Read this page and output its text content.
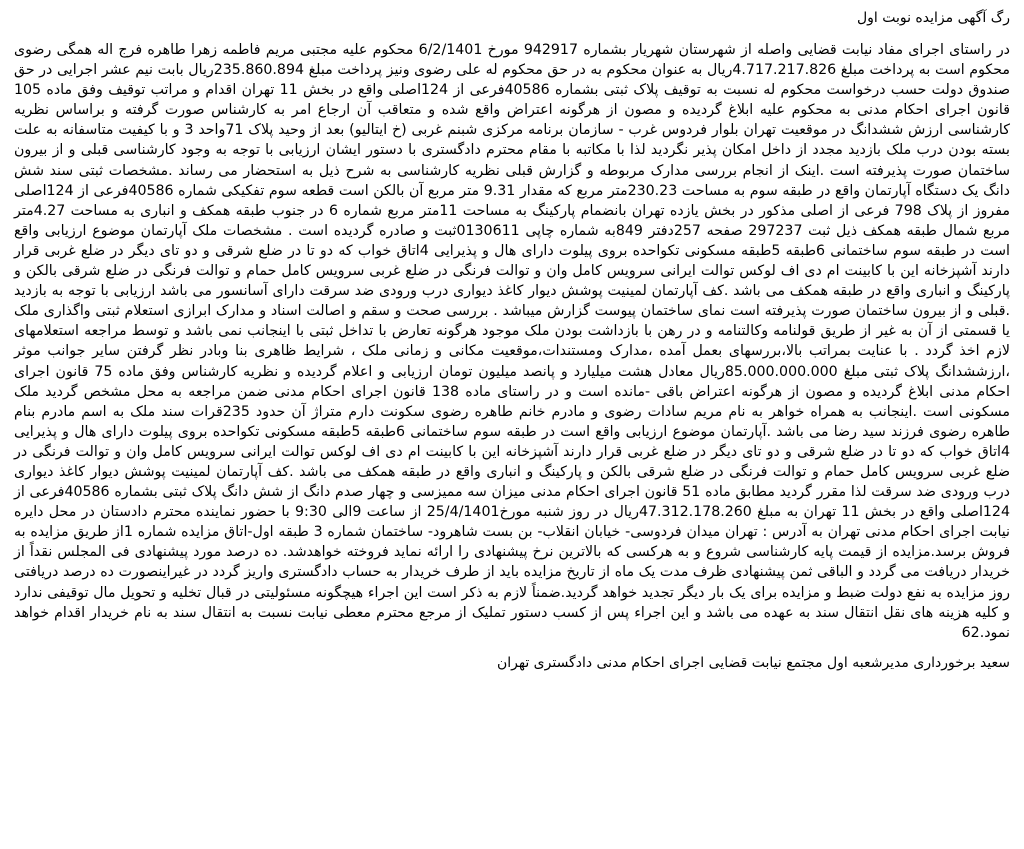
رگ آگهی مزایده نوبت اول

در راستای اجرای مفاد نیابت قضایی واصله از شهرستان شهریار بشماره 942917 مورخ 6/2/1401 محکوم علیه مجتبی مریم فاطمه زهرا طاهره فرج اله همگی رضوی محکوم است به پرداخت مبلغ 4.717.217.826ریال به عنوان محکوم به در حق محکوم له علی رضوی ونیز پرداخت مبلغ 235.860.894ریال بابت نیم عشر اجرایی در حق صندوق دولت حسب درخواست محکوم له نسبت به توقیف پلاک ثبتی بشماره 40586فرعی از 124اصلی واقع در بخش 11 تهران اقدام و مراتب توقیف وفق ماده 105 قانون اجرای احکام مدنی به محکوم علیه ابلاغ گردیده و مصون از هرگونه اعتراض واقع شده و متعاقب آن ارجاع امر به کارشناس صورت گرفته و براساس نظریه کارشناسی ارزش ششدانگ در موقعیت تهران بلوار فردوس غرب - سازمان برنامه مرکزی شبنم غربی (خ ایتالیو) بعد از وحید پلاک 71واحد 3 و با کیفیت متاسفانه به علت بسته بودن درب ملک بازدید مجدد از داخل امکان پذیر نگردید لذا با مکاتبه با مقام محترم دادگستری با دستور ایشان ارزیابی با توجه به وجود کارشناسی قبلی و از بیرون ساختمان صورت پذیرفته است .اینک از انجام بررسی مدارک مربوطه و گزارش قبلی نظریه کارشناسی به شرح ذیل به استحضار می رساند .مشخصات ثبتی سند شش دانگ یک دستگاه آپارتمان واقع در طبقه سوم به مساحت 230.23متر مربع که مقدار 9.31 متر مربع آن بالکن است قطعه سوم تفکیکی شماره 40586فرعی از 124اصلی مفروز از پلاک 798 فرعی از اصلی مذکور در بخش یازده تهران بانضمام پارکینگ به مساحت 11متر مربع شماره 6 در جنوب طبقه همکف و انباری به مساحت 4.27متر مربع شمال طبقه همکف ذیل ثبت 297237 صفحه 257دفتر 849به شماره چاپی 0130611ثبت و صادره گردیده است . مشخصات ملک آپارتمان موضوع ارزیابی واقع است در طبقه سوم ساختمانی 6طبقه 5طبقه مسکونی تکواحده بروی پیلوت دارای هال و پذیرایی 4اتاق خواب که دو تا در ضلع شرقی و دو تای دیگر در ضلع غربی قرار دارند آشپزخانه این با کابینت ام دی اف لوکس توالت ایرانی سرویس کامل وان و توالت فرنگی در ضلع غربی سرویس کامل حمام و توالت فرنگی در ضلع شرقی بالکن و پارکینگ و انباری واقع در طبقه همکف می باشد .کف آپارتمان لمینیت پوشش دیوار کاغذ دیواری درب ورودی ضد سرقت دارای آسانسور می باشد ارزیابی با توجه به بازدید .قبلی و از بیرون ساختمان صورت پذیرفته است نمای ساختمان پیوست گزارش میباشد . بررسی صحت و سقم و اصالت اسناد و مدارک ابرازی استعلام ثبتی واگذاری ملک یا قسمتی از آن به غیر از طریق قولنامه وکالتنامه و در رهن با بازداشت بودن ملک موجود هرگونه تعارض با تداخل ثبتی با اینجانب نمی باشد و توسط مراجعه استعلامهای لازم اخذ گردد . با عنایت بمراتب بالا،بررسهای بعمل آمده ،مدارک ومستندات،موقعیت مکانی و زمانی ملک ، شرایط ظاهری بنا وبادر نظر گرفتن سایر جوانب موثر ،ارزششدانگ پلاک ثبتی مبلغ 85.000.000.000ریال معادل هشت میلیارد و پانصد میلیون تومان ارزیابی و اعلام گردیده و نظریه کارشناس وفق ماده 75 قانون اجرای احکام مدنی ابلاغ گردیده و مصون از هرگونه اعتراض باقی -مانده است و در راستای ماده 138 قانون اجرای احکام مدنی ضمن مراجعه به محل مشخص گردید ملک مسکونی است .اینجانب به همراه خواهر به نام مریم سادات رضوی و مادرم خانم طاهره رضوی سکونت دارم متراژ آن حدود 235قرات سند ملک به اسم مادرم بنام طاهره رضوی فرزند سید رضا می باشد .آپارتمان موضوع ارزیابی واقع است در طبقه سوم ساختمانی 6طبقه 5طبقه مسکونی تکواحده بروی پیلوت دارای هال و پذیرایی 4اتاق خواب که دو تا در ضلع شرقی و دو تای دیگر در ضلع غربی قرار دارند آشپزخانه این با کابینت ام دی اف لوکس توالت ایرانی سرویس کامل وان و توالت فرنگی در ضلع غربی سرویس کامل حمام و توالت فرنگی در ضلع شرقی بالکن و پارکینگ و انباری واقع در طبقه همکف می باشد .کف آپارتمان لمینیت پوشش دیوار کاغذ دیواری درب ورودی ضد سرقت لذا مقرر گردید مطابق ماده 51 قانون اجرای احکام مدنی میزان سه ممیزسی و چهار صدم دانگ از شش دانگ پلاک ثبتی بشماره 40586فرعی از 124اصلی واقع در بخش 11 تهران به مبلغ 47.312.178.260ریال در روز شنبه مورخ25/4/1401 از ساعت 9الی 9:30 با حضور نماینده محترم دادستان در محل دایره نیابت اجرای احکام مدنی تهران به آدرس : تهران میدان فردوسی- خیابان انقلاب- بن بست شاهرود- ساختمان شماره 3 طبقه اول-اتاق مزایده شماره 1از طریق مزایده به فروش برسد.مزایده از قیمت پایه کارشناسی شروع و به هرکسی که بالاترین نرخ پیشنهادی را ارائه نماید فروخته خواهدشد. ده درصد مورد پیشنهادی فی المجلس نقداً از خریدار دریافت می گردد و الباقی ثمن پیشنهادی ظرف مدت یک ماه از تاریخ مزایده باید از طرف خریدار به حساب دادگستری واریز گردد در غیراینصورت ده درصد دریافتی روز مزایده به نفع دولت ضبط و مزایده برای یک بار دیگر تجدید خواهد گردید.ضمناً لازم به ذکر است این اجراء هیچگونه مسئولیتی در قبال تخلیه و تحویل مال توقیفی ندارد و کلیه هزینه های نقل انتقال سند به عهده می باشد و این اجراء پس از کسب دستور تملیک از مرجع محترم معطی نیابت نسبت به انتقال سند به نام خریدار اقدام خواهد نمود.62

سعید برخورداری مدیرشعبه اول مجتمع نیابت قضایی اجرای احکام مدنی دادگستری تهران
